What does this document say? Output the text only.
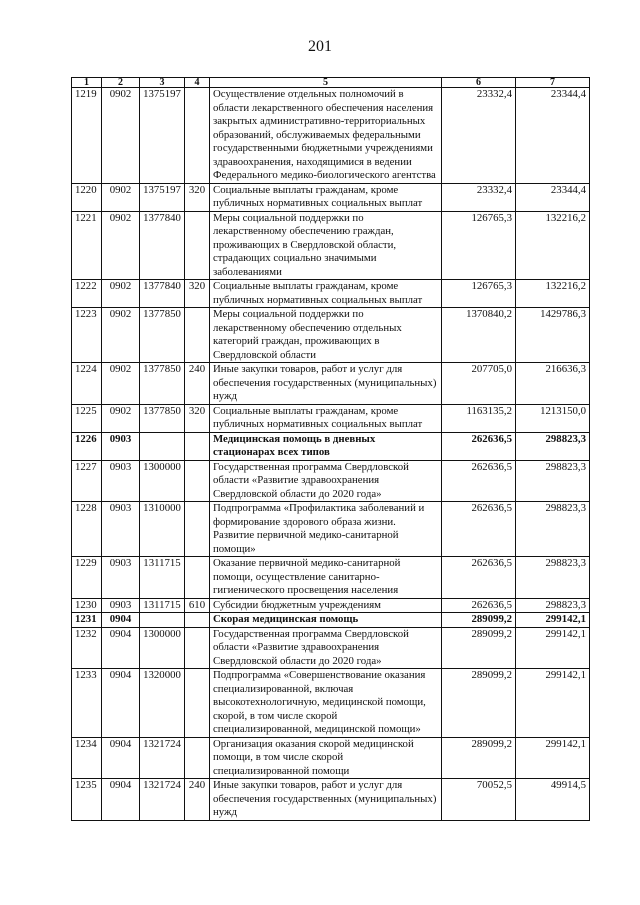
201
1	2	3	4	5	6	7
1219	0902	1375197		Осуществление отдельных полномочий в области лекарственного обеспечения населения закрытых административно-территориальных образований, обслуживаемых федеральными государственными бюджетными учреждениями здравоохранения, находящимися в ведении Федерального медико-биологического агентства	23332,4	23344,4
1220	0902	1375197	320	Социальные выплаты гражданам, кроме публичных нормативных социальных выплат	23332,4	23344,4
1221	0902	1377840		Меры социальной поддержки по лекарственному обеспечению граждан, проживающих в Свердловской области, страдающих социально значимыми заболеваниями	126765,3	132216,2
1222	0902	1377840	320	Социальные выплаты гражданам, кроме публичных нормативных социальных выплат	126765,3	132216,2
1223	0902	1377850		Меры социальной поддержки по лекарственному обеспечению отдельных категорий граждан, проживающих в Свердловской области	1370840,2	1429786,3
1224	0902	1377850	240	Иные закупки товаров, работ и услуг для обеспечения государственных (муниципальных) нужд	207705,0	216636,3
1225	0902	1377850	320	Социальные выплаты гражданам, кроме публичных нормативных социальных выплат	1163135,2	1213150,0
1226	0903			Медицинская помощь в дневных стационарах всех типов	262636,5	298823,3
1227	0903	1300000		Государственная программа Свердловской области «Развитие здравоохранения Свердловской области до 2020 года»	262636,5	298823,3
1228	0903	1310000		Подпрограмма «Профилактика заболеваний и формирование здорового образа жизни. Развитие первичной медико-санитарной помощи»	262636,5	298823,3
1229	0903	1311715		Оказание первичной медико-санитарной помощи, осуществление санитарно-гигиенического просвещения населения	262636,5	298823,3
1230	0903	1311715	610	Субсидии бюджетным учреждениям	262636,5	298823,3
1231	0904			Скорая медицинская помощь	289099,2	299142,1
1232	0904	1300000		Государственная программа Свердловской области «Развитие здравоохранения Свердловской области до 2020 года»	289099,2	299142,1
1233	0904	1320000		Подпрограмма «Совершенствование оказания специализированной, включая высокотехнологичную, медицинской помощи, скорой, в том числе скорой специализированной, медицинской помощи»	289099,2	299142,1
1234	0904	1321724		Организация оказания скорой медицинской помощи, в том числе скорой специализированной помощи	289099,2	299142,1
1235	0904	1321724	240	Иные закупки товаров, работ и услуг для обеспечения государственных (муниципальных) нужд	70052,5	49914,5
